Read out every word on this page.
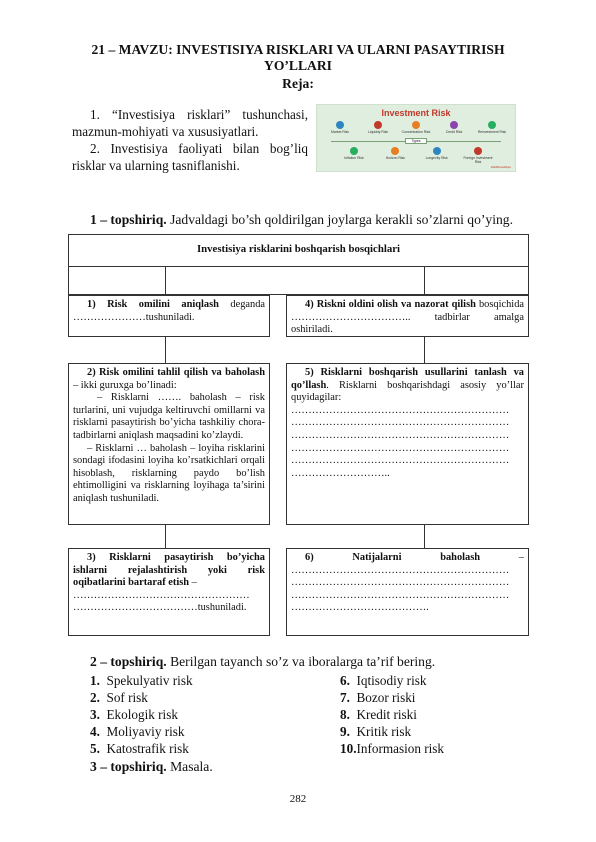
21 – MAVZU: INVESTISIYA RISKLARI VA ULARNI PASAYTIRISH YO’LLARI
Reja:

1. “Investisiya risklari” tushunchasi, mazmun-mohiyati va xususiyatlari.

2. Investisiya faoliyati bilan bog’liq risklar va ularning tasniflanishi.

Investment Risk
Market Risk	Liquidity Risk	Concentration Risk	Credit Risk	Reinvestment Risk
Types
Inflation Risk	Horizon Risk	Longevity Risk	Foreign Investment Risk
WallStreetMojo
1 – topshiriq. Jadvaldagi bo’sh qoldirilgan joylarga kerakli so’zlarni qo’ying.
Investisiya risklarini boshqarish bosqichlari

1) Risk omilini aniqlash deganda …………………tushuniladi.

4) Riskni oldini olish va nazorat qilish bosqichida …………………………….. tadbirlar amalga oshiriladi.

2) Risk omilini tahlil qilish va baholash – ikki guruxga bo’linadi:

– Risklarni ……. baholash – risk turlarini, uni vujudga keltiruvchi omillarni va risklarni pasaytirish bo’yicha tashkiliy chora-tadbirlarni aniqlash maqsadini ko’zlaydi.

– Risklarni … baholash – loyiha risklarini sondagi ifodasini loyiha ko’rsatkichlari orqali hisoblash, risklarning paydo bo’lish ehtimolligini va risklarning loyihaga ta’sirini aniqlash tushuniladi.

5) Risklarni boshqarish usullarini tanlash va qo’llash. Risklarni boshqarishdagi asosiy yo’llar quyidagilar:

………………………………………………………
………………………………………………………
………………………………………………………
………………………………………………………
………………………………………………………
………………………..

3) Risklarni pasaytirish bo’yicha ishlarni rejalashtirish yoki risk oqibatlarini bartaraf etish –

……………………………………………
………………………………tushuniladi.

6) Natijalarni baholash –

………………………………………………………
………………………………………………………
………………………………………………………
………………………………….
2 – topshiriq. Berilgan tayanch so’z va iboralarga ta’rif bering.
1. Spekulyativ risk
2. Sof risk
3. Ekologik risk
4. Moliyaviy risk
5. Katostrafik risk
6. Iqtisodiy risk
7. Bozor riski
8. Kredit riski
9. Kritik risk
10.Informasion risk
3 – topshiriq. Masala.
282
